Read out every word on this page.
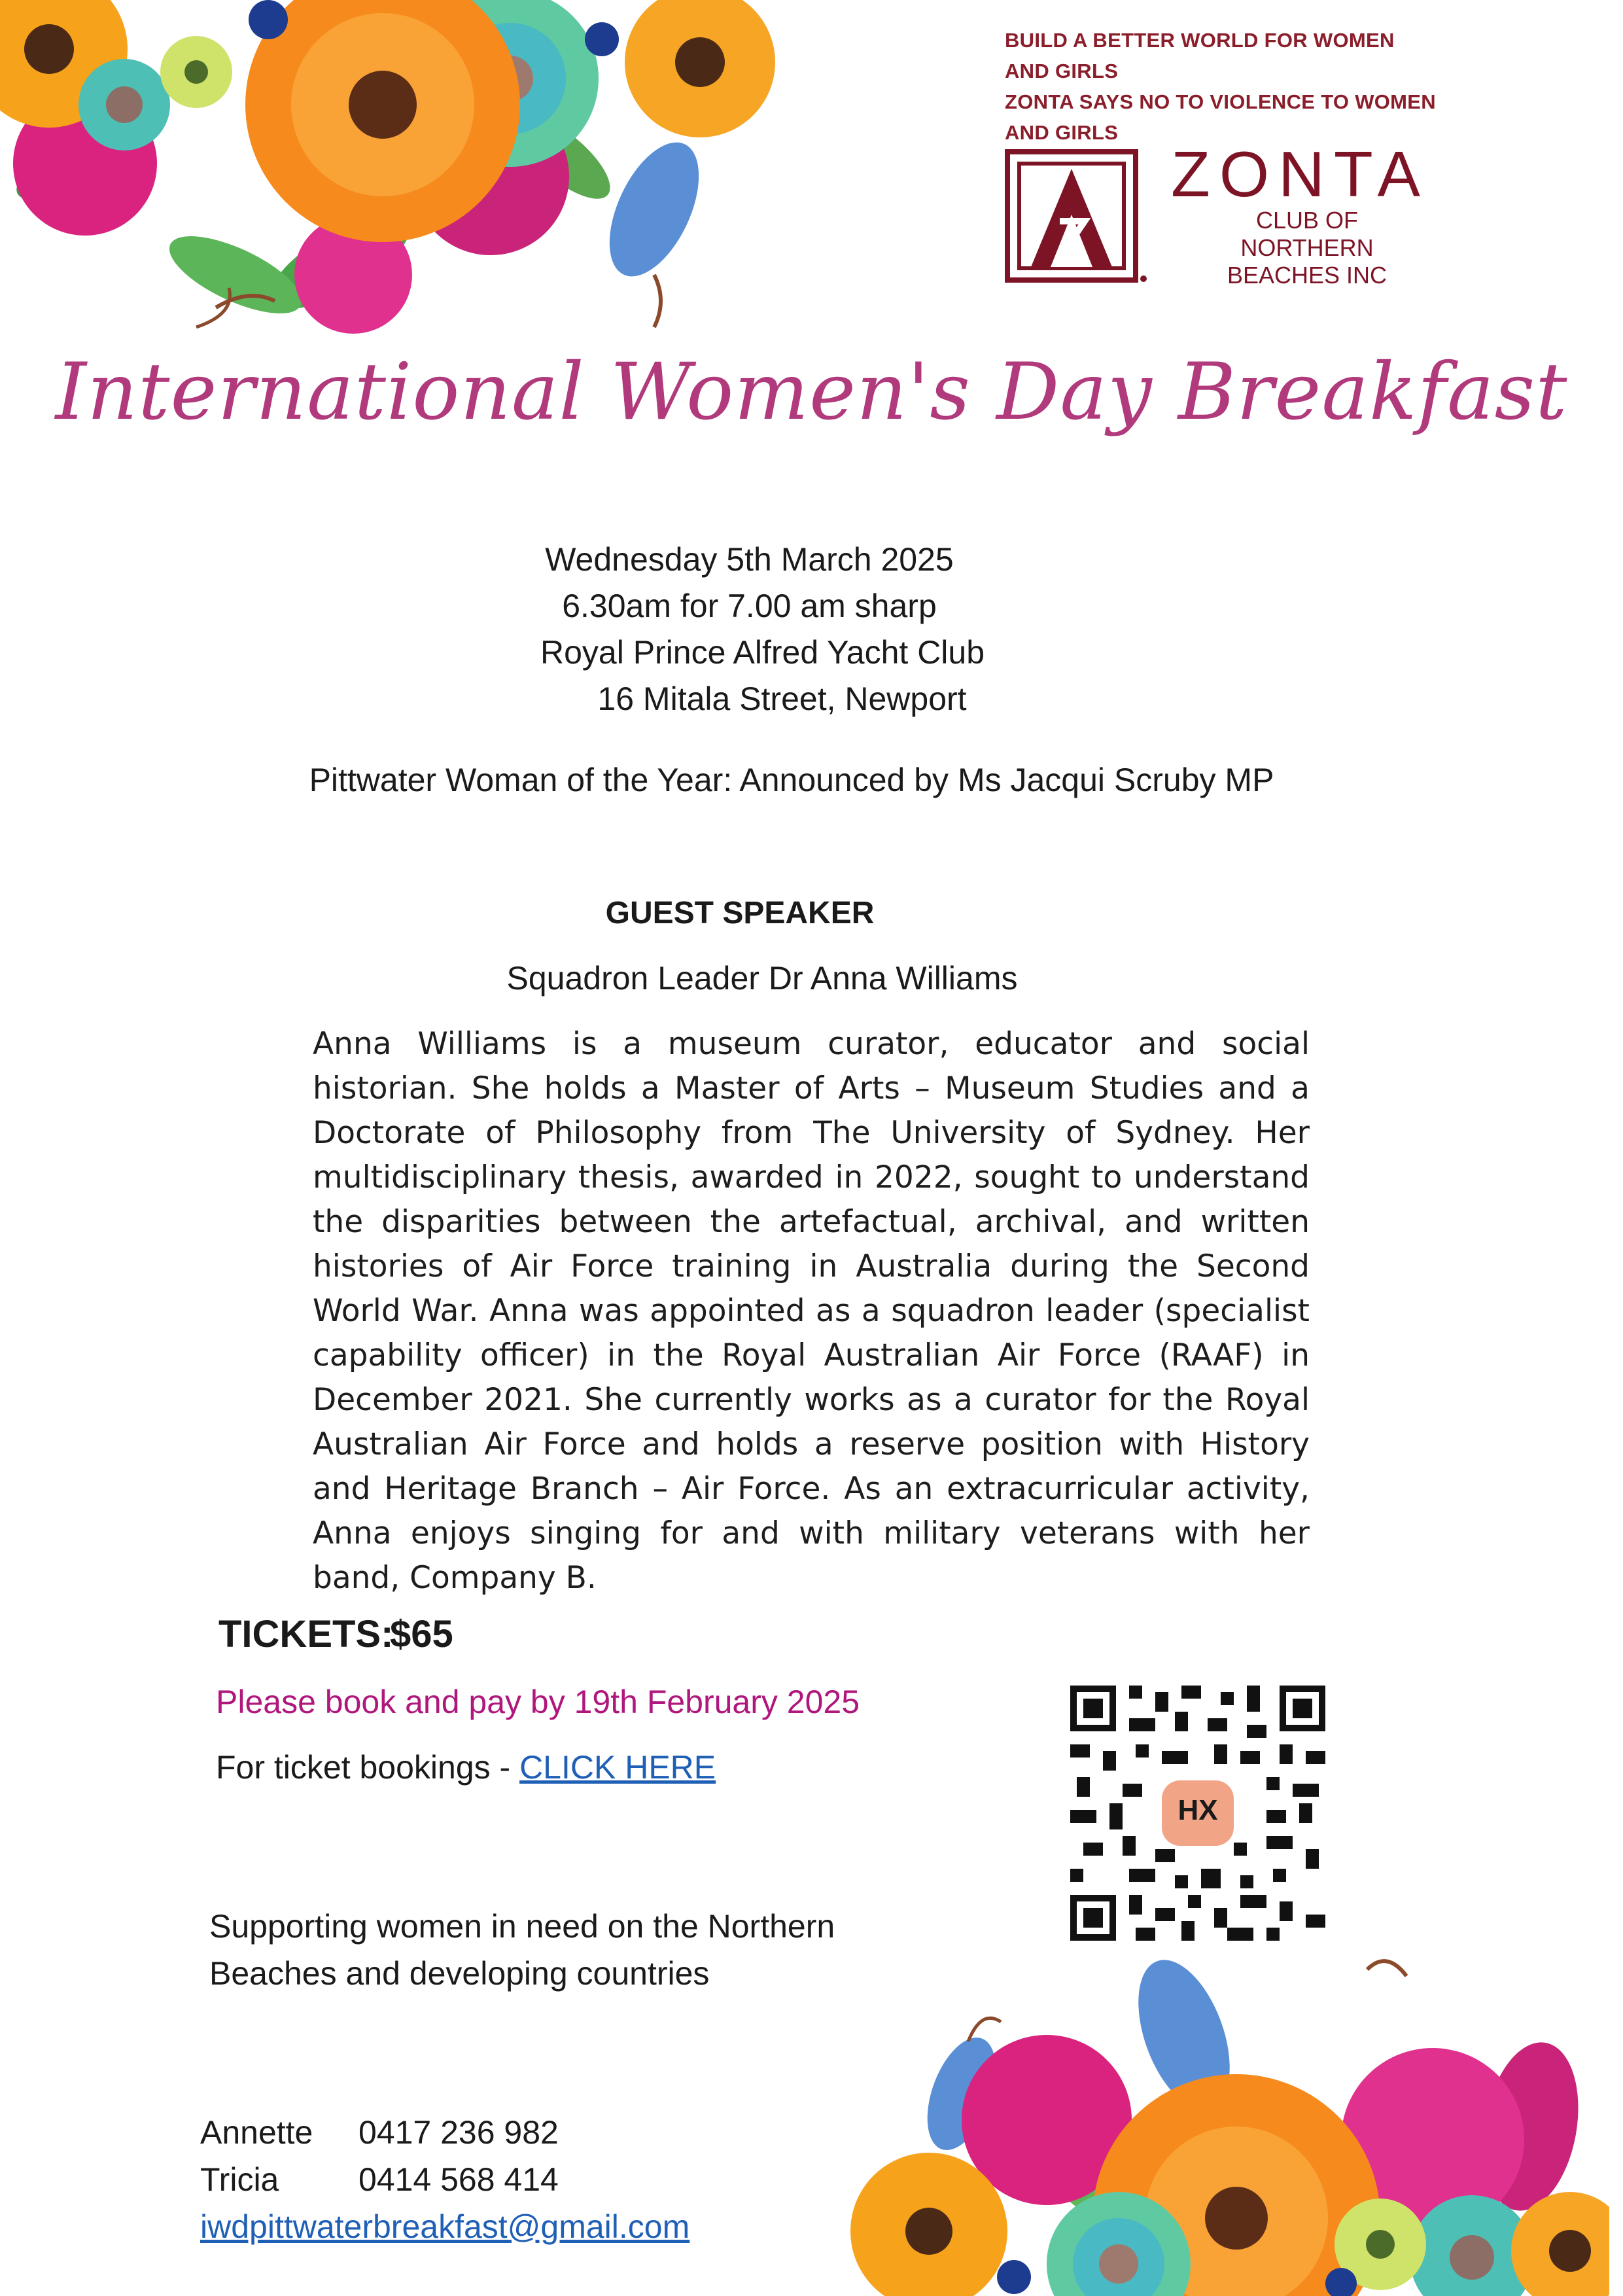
BUILD A BETTER WORLD FOR WOMEN
AND GIRLS
ZONTA SAYS NO TO VIOLENCE TO WOMEN
AND GIRLS
ZONTA
CLUB OF
NORTHERN
BEACHES INC
International Women's Day Breakfast
Wednesday 5th March 2025
6.30am for 7.00 am sharp
Royal Prince Alfred Yacht Club
16 Mitala Street, Newport
Pittwater Woman of the Year: Announced by Ms Jacqui Scruby MP
GUEST SPEAKER
Squadron Leader Dr Anna Williams
Anna Williams is a museum curator, educator and social historian. She holds a Master of Arts – Museum Studies and a Doctorate of Philosophy from The University of Sydney. Her multidisciplinary thesis, awarded in 2022, sought to understand the disparities between the artefactual, archival, and written histories of Air Force training in Australia during the Second World War. Anna was appointed as a squadron leader (specialist capability officer) in the Royal Australian Air Force (RAAF) in December 2021. She currently works as a curator for the Royal Australian Air Force and holds a reserve position with History and Heritage Branch – Air Force. As an extracurricular activity, Anna enjoys singing for and with military veterans with her band, Company B.
TICKETS:
$65
Please book and pay by 19th February 2025
For ticket bookings - CLICK HERE
HX
Supporting women in need on the Northern
Beaches and developing countries
Annette 0417 236 982
Tricia 0414 568 414
iwdpittwaterbreakfast@gmail.com
